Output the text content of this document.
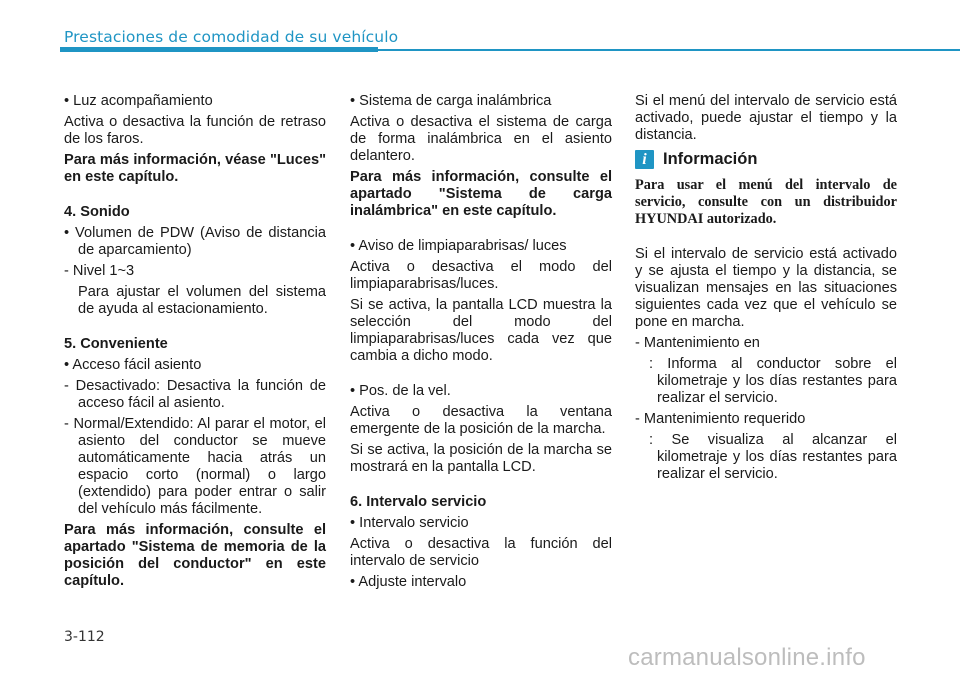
Prestaciones de comodidad de su vehículo

• Luz acompañamiento

Activa o desactiva la función de retraso de los faros.

Para más información, véase "Luces" en este capítulo.

4. Sonido

• Volumen de PDW (Aviso de distancia de aparcamiento)

- Nivel 1~3

Para ajustar el volumen del sistema de ayuda al estacionamiento.

5. Conveniente

• Acceso fácil asiento

- Desactivado: Desactiva la función de acceso fácil al asiento.

- Normal/Extendido: Al parar el motor, el asiento del conductor se mueve automáticamente hacia atrás un espacio corto (normal) o largo (extendido) para poder entrar o salir del vehículo más fácilmente.

Para más información, consulte el apartado "Sistema de memoria de la posición del conductor" en este capítulo.

• Sistema de carga inalámbrica

Activa o desactiva el sistema de carga de forma inalámbrica en el asiento delantero.

Para más información, consulte el apartado "Sistema de carga inalámbrica" en este capítulo.

• Aviso de limpiaparabrisas/ luces

Activa o desactiva el modo del limpiaparabrisas/luces.

Si se activa, la pantalla LCD muestra la selección del modo del limpiaparabrisas/luces cada vez que cambia a dicho modo.

• Pos. de la vel.

Activa o desactiva la ventana emergente de la posición de la marcha.

Si se activa, la posición de la marcha se mostrará en la pantalla LCD.

6. Intervalo servicio

• Intervalo servicio

Activa o desactiva la función del intervalo de servicio

• Adjuste intervalo

Si el menú del intervalo de servicio está activado, puede ajustar el tiempo y la distancia.

i Información

Para usar el menú del intervalo de servicio, consulte con un distribuidor HYUNDAI autorizado.

Si el intervalo de servicio está activado y se ajusta el tiempo y la distancia, se visualizan mensajes en las situaciones siguientes cada vez que el vehículo se pone en marcha.

- Mantenimiento en

: Informa al conductor sobre el kilometraje y los días restantes para realizar el servicio.

- Mantenimiento requerido

: Se visualiza al alcanzar el kilometraje y los días restantes para realizar el servicio.

3-112
carmanualsonline.info
